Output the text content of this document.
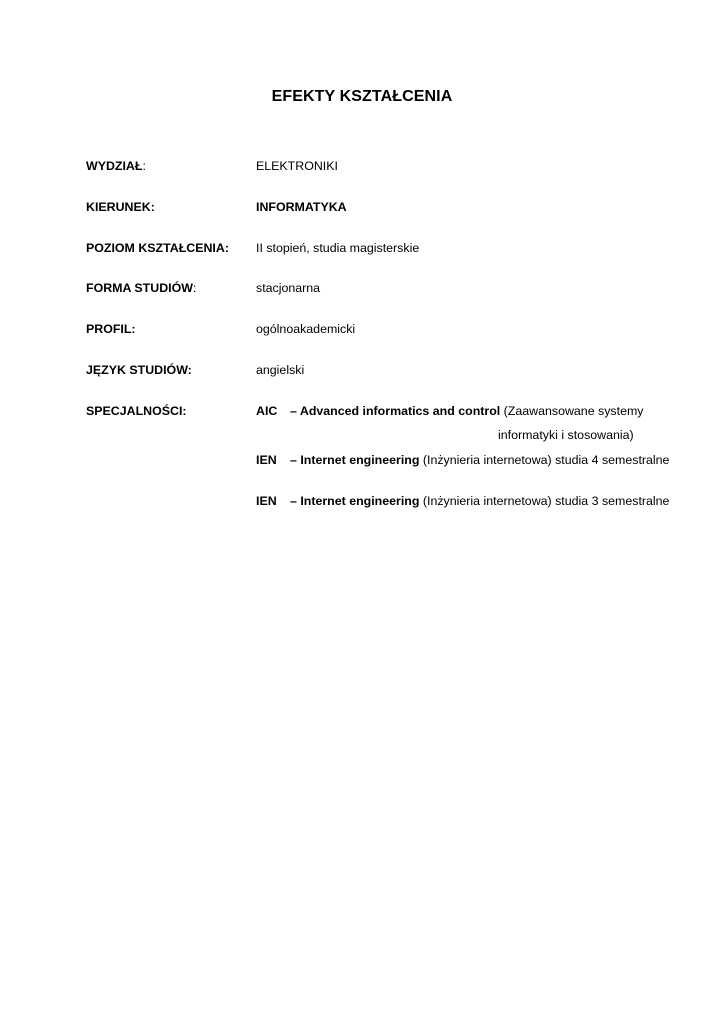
EFEKTY KSZTAŁCENIA
WYDZIAŁ:	ELEKTRONIKI
KIERUNEK:	INFORMATYKA
POZIOM KSZTAŁCENIA: II stopień, studia magisterskie
FORMA STUDIÓW:	stacjonarna
PROFIL:	ogólnoakademicki
JĘZYK STUDIÓW:	angielski
SPECJALNOŚCI:	AIC – Advanced informatics and control (Zaawansowane systemy
informatyki i stosowania)
IEN – Internet engineering (Inżynieria internetowa) studia 4 semestralne
IEN – Internet engineering (Inżynieria internetowa) studia 3 semestralne
